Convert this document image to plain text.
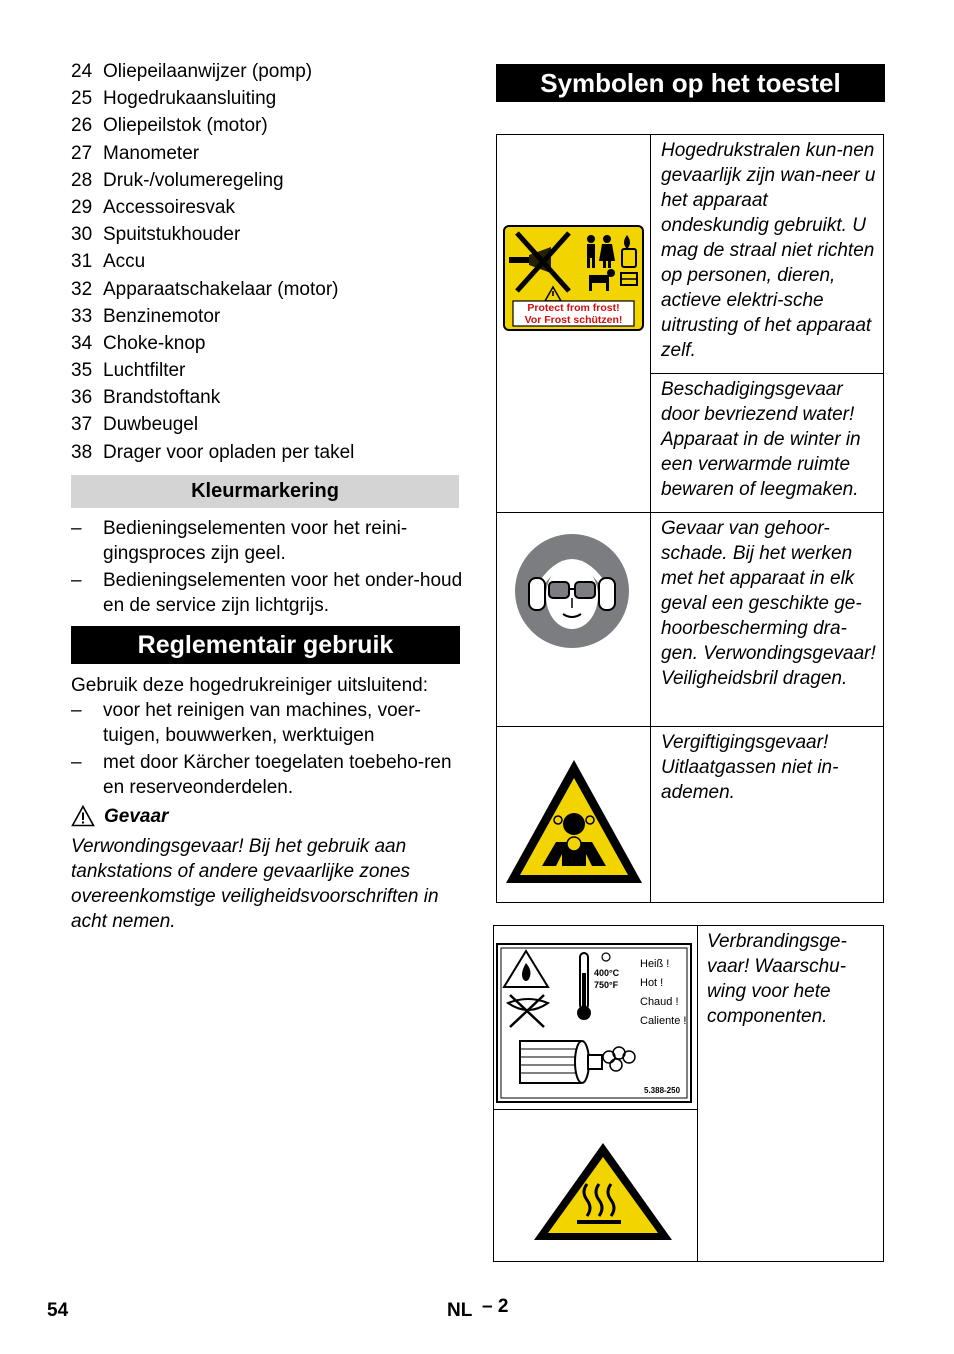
24 Oliepeilaanwijzer (pomp)
25 Hogedrukaansluiting
26 Oliepeilstok (motor)
27 Manometer
28 Druk-/volumeregeling
29 Accessoiresvak
30 Spuitstukhouder
31 Accu
32 Apparaatschakelaar (motor)
33 Benzinemotor
34 Choke-knop
35 Luchtfilter
36 Brandstoftank
37 Duwbeugel
38 Drager voor opladen per takel
Kleurmarkering
–	Bedieningselementen voor het reini-gingsproces zijn geel.
–	Bedieningselementen voor het onder-houd en de service zijn lichtgrijs.
Reglementair gebruik
Gebruik deze hogedrukreiniger uitsluitend:
–	voor het reinigen van machines, voer-tuigen, bouwwerken, werktuigen
–	met door Kärcher toegelaten toebeho-ren en reserveonderdelen.
Gevaar
Verwondingsgevaar! Bij het gebruik aan tankstations of andere gevaarlijke zones overeenkomstige veiligheidsvoorschriften in acht nemen.
Symbolen op het toestel
Protect from frost!
Vor Frost schützen!
Hogedrukstralen kun-nen gevaarlijk zijn wan-neer u het apparaat ondeskundig gebruikt. U mag de straal niet richten op personen, dieren, actieve elektri-sche uitrusting of het apparaat zelf.
Beschadigingsgevaar door bevriezend water! Apparaat in de winter in een verwarmde ruimte bewaren of leegmaken.
Gevaar van gehoor-schade. Bij het werken met het apparaat in elk geval een geschikte ge-hoorbescherming dra-gen. Verwondingsgevaar! Veiligheidsbril dragen.
Vergiftigingsgevaar! Uitlaatgassen niet in-ademen.
400°C
750°F
Heiß !
Hot !
Chaud !
Caliente !
5.388-250
Verbrandingsge-vaar! Waarschu-wing voor hete componenten.
54	NL – 2
